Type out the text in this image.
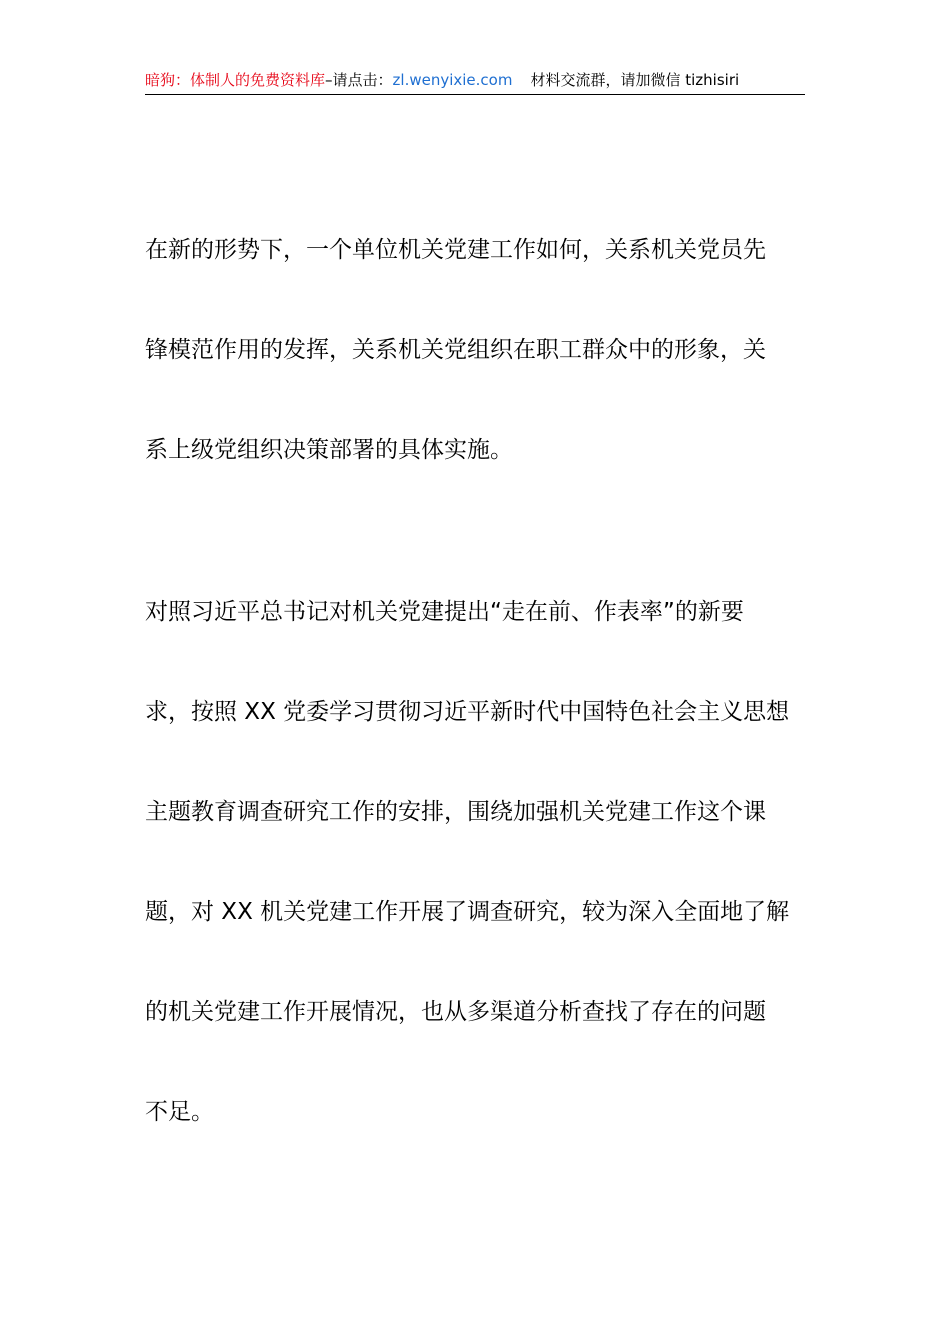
暗狗：体制人的免费资料库–请点击：zl.wenyixie.com 材料交流群，请加微信 tizhisiri

在新的形势下，一个单位机关党建工作如何，关系机关党员先
锋模范作用的发挥，关系机关党组织在职工群众中的形象，关
系上级党组织决策部署的具体实施。

对照习近平总书记对机关党建提出“走在前、作表率”的新要
求，按照 XX 党委学习贯彻习近平新时代中国特色社会主义思想
主题教育调查研究工作的安排，围绕加强机关党建工作这个课
题，对 XX 机关党建工作开展了调查研究，较为深入全面地了解
的机关党建工作开展情况，也从多渠道分析查找了存在的问题
不足。
